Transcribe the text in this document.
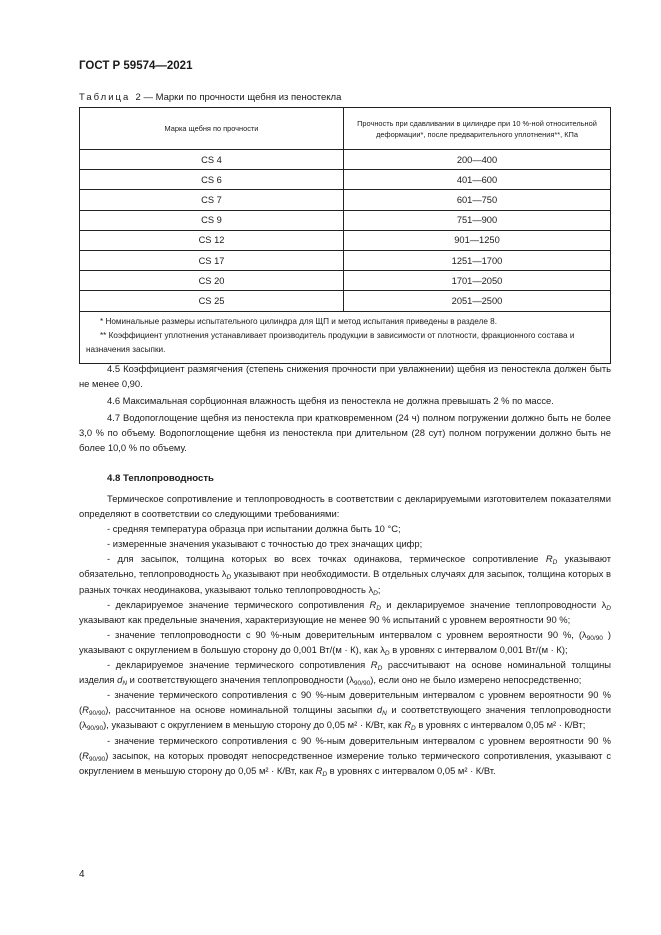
ГОСТ Р 59574—2021
Таблица 2 — Марки по прочности щебня из пеностекла
Марка щебня по прочности	Прочность при сдавливании в цилиндре при 10 %-ной относительной деформации*, после предварительного уплотнения**, КПа
CS 4	200—400
CS 6	401—600
CS 7	601—750
CS 9	751—900
CS 12	901—1250
CS 17	1251—1700
CS 20	1701—2050
CS 25	2051—2500

* Номинальные размеры испытательного цилиндра для ЩП и метод испытания приведены в разделе 8.
** Коэффициент уплотнения устанавливает производитель продукции в зависимости от плотности, фракционного состава и назначения засыпки.	

4.5 Коэффициент размягчения (степень снижения прочности при увлажнении) щебня из пеностекла должен быть не менее 0,90.

4.6 Максимальная сорбционная влажность щебня из пеностекла не должна превышать 2 % по массе.

4.7 Водопоглощение щебня из пеностекла при кратковременном (24 ч) полном погружении должно быть не более 3,0 % по объему. Водопоглощение щебня из пеностекла при длительном (28 сут) полном погружении должно быть не более 10,0 % по объему.

4.8 Теплопроводность

Термическое сопротивление и теплопроводность в соответствии с декларируемыми изготовителем показателями определяют в соответствии со следующими требованиями:

- средняя температура образца при испытании должна быть 10 °С;

- измеренные значения указывают с точностью до трех значащих цифр;

- для засыпок, толщина которых во всех точках одинакова, термическое сопротивление $R_D$ указывают обязательно, теплопроводность $\lambda_D$ указывают при необходимости. В отдельных случаях для засыпок, толщина которых в разных точках неодинакова, указывают только теплопроводность $\lambda_D$;

- декларируемое значение термического сопротивления $R_D$ и декларируемое значение теплопроводности $\lambda_D$ указывают как предельные значения, характеризующие не менее 90 % испытаний с уровнем вероятности 90 %;

- значение теплопроводности с 90 %-ным доверительным интервалом с уровнем вероятности 90 %, ($\lambda_{90/90}$ ) указывают с округлением в большую сторону до 0,001 Вт/(м · К), как $\lambda_D$ в уровнях с интервалом 0,001 Вт/(м · К);

- декларируемое значение термического сопротивления $R_D$ рассчитывают на основе номинальной толщины изделия $d_N$ и соответствующего значения теплопроводности $(\lambda_{90/90})$, если оно не было измерено непосредственно;

- значение термического сопротивления с 90 %-ным доверительным интервалом с уровнем вероятности 90 % $(R_{90/90})$, рассчитанное на основе номинальной толщины засыпки $d_N$ и соответствующего значения теплопроводности $(\lambda_{90/90})$, указывают с округлением в меньшую сторону до 0,05 м² · К/Вт, как $R_D$ в уровнях с интервалом 0,05 м² · К/Вт;

- значение термического сопротивления с 90 %-ным доверительным интервалом с уровнем вероятности 90 % $(R_{90/90})$ засыпок, на которых проводят непосредственное измерение только термического сопротивления, указывают с округлением в меньшую сторону до 0,05 м² · К/Вт, как $R_D$ в уровнях с интервалом 0,05 м² · К/Вт.

4
